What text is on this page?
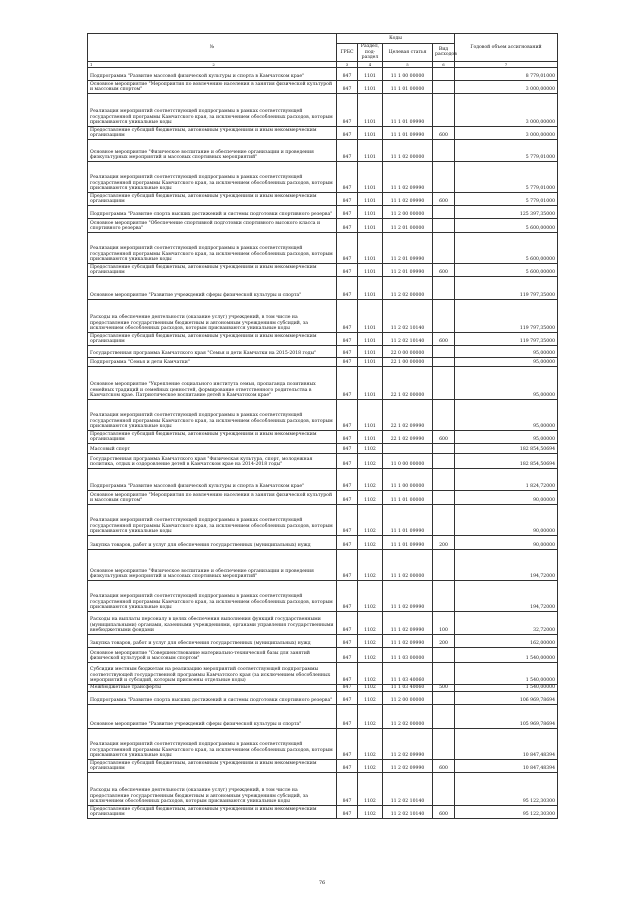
№	Коды				Годовой объем ассигнований
	ГРБС	Раздел, под-раздел	Целевая статья	Вид расходов	
1 2	3	4	5	6	7
Подпрограмма "Развитие массовой физической культуры и спорта в Камчатском крае"	847	1101	11 1 00 00000		8 779,01000
Основное мероприятие "Мероприятия по вовлечению населения в занятия физической культурой и массовым спортом"	847	1101	11 1 01 00000		3 000,00000
Реализация мероприятий соответствующей подпрограммы в рамках соответствующей государственной программы Камчатского края, за исключением обособленных расходов, которым присваиваются уникальные коды	847	1101	11 1 01 09990		3 000,00000
Предоставление субсидий бюджетным, автономным учреждениям и иным некоммерческим организациям	847	1101	11 1 01 09990	600	3 000,00000
Основное мероприятие "Физическое воспитание и обеспечение организации и проведения физкультурных мероприятий и массовых спортивных мероприятий"	847	1101	11 1 02 00000		5 779,01000
Реализация мероприятий соответствующей подпрограммы в рамках соответствующей государственной программы Камчатского края, за исключением обособленных расходов, которым присваиваются уникальные коды	847	1101	11 1 02 09990		5 779,01000
Предоставление субсидий бюджетным, автономным учреждениям и иным некоммерческим организациям	847	1101	11 1 02 09990	600	5 779,01000
Подпрограмма "Развитие спорта высших достижений и системы подготовки спортивного резерва"	847	1101	11 2 00 00000		125 397,35000
Основное мероприятие "Обеспечение спортивной подготовки спортивного высокого класса и спортивного резерва"	847	1101	11 2 01 00000		5 600,00000
Реализация мероприятий соответствующей подпрограммы в рамках соответствующей государственной программы Камчатского края, за исключением обособленных расходов, которым присваиваются уникальные коды	847	1101	11 2 01 09990		5 600,00000
Предоставление субсидий бюджетным, автономным учреждениям и иным некоммерческим организациям	847	1101	11 2 01 09990	600	5 600,00000
Основное мероприятие "Развитие учреждений сферы физической культуры и спорта"	847	1101	11 2 02 00000		119 797,35000
Расходы на обеспечение деятельности (оказание услуг) учреждений, в том числе на предоставление государственным бюджетным и автономным учреждениям субсидий, за исключением обособленных расходов, которым присваиваются уникальные коды	847	1101	11 2 02 10140		119 797,35000
Предоставление субсидий бюджетным, автономным учреждениям и иным некоммерческим организациям	847	1101	11 2 02 10140	600	119 797,35000
Государственная программа Камчатского края "Семья и дети Камчатки на 2015-2018 годы"	847	1101	22 0 00 00000		95,00000
Подпрограмма "Семья и дети Камчатки"	847	1101	22 1 00 00000		95,00000
Основное мероприятие "Укрепление социального института семьи, пропаганда позитивных семейных традиций и семейных ценностей, формирование ответственного родительства в Камчатском крае. Патриотическое воспитание детей в Камчатском крае"	847	1101	22 1 02 00000		95,00000
Реализация мероприятий соответствующей подпрограммы в рамках соответствующей государственной программы Камчатского края, за исключением обособленных расходов, которым присваиваются уникальные коды	847	1101	22 1 02 09990		95,00000
Предоставление субсидий бюджетным, автономным учреждениям и иным некоммерческим организациям	847	1101	22 1 02 09990	600	95,00000
Массовый спорт	847	1102			182 854,50694
Государственная программа Камчатского края "Физическая культура, спорт, молодежная политика, отдых и оздоровление детей в Камчатском крае на 2014-2018 годы"	847	1102	11 0 00 00000		182 854,50694
Подпрограмма "Развитие массовой физической культуры и спорта в Камчатском крае"	847	1102	11 1 00 00000		1 824,72000
Основное мероприятие "Мероприятия по вовлечению населения в занятия физической культурой и массовым спортом"	847	1102	11 1 01 00000		90,00000
Реализация мероприятий соответствующей подпрограммы в рамках соответствующей государственной программы Камчатского края, за исключением обособленных расходов, которым присваиваются уникальные коды	847	1102	11 1 01 09990		90,00000
Закупка товаров, работ и услуг для обеспечения государственных (муниципальных) нужд	847	1102	11 1 01 09990	200	90,00000
Основное мероприятие "Физическое воспитание и обеспечение организации и проведения физкультурных мероприятий и массовых спортивных мероприятий"	847	1102	11 1 02 00000		194,72000
Реализация мероприятий соответствующей подпрограммы в рамках соответствующей государственной программы Камчатского края, за исключением обособленных расходов, которым присваиваются уникальные коды	847	1102	11 1 02 09990		194,72000
Расходы на выплаты персоналу в целях обеспечения выполнения функций государственными (муниципальными) органами, казенными учреждениями, органами управления государственными внебюджетными фондами	847	1102	11 1 02 09990	100	32,72000
Закупка товаров, работ и услуг для обеспечения государственных (муниципальных) нужд	847	1102	11 1 02 09990	200	162,00000
Основное мероприятие "Совершенствование материально-технической базы для занятий физической культурой и массовым спортом"	847	1102	11 1 03 00000		1 540,00000
Субсидии местным бюджетам на реализацию мероприятий соответствующей подпрограммы соответствующей государственной программы Камчатского края (за исключением обособленных мероприятий и субсидий, которым присвоены отдельные коды)	847	1102	11 1 03 40060		1 540,00000
Межбюджетные трансферты	847	1102	11 1 03 40060	500	1 540,00000
Подпрограмма "Развитие спорта высших достижений и системы подготовки спортивного резерва"	847	1102	11 2 00 00000		106 969,78694
Основное мероприятие "Развитие учреждений сферы физической культуры и спорта"	847	1102	11 2 02 00000		105 969,78694
Реализация мероприятий соответствующей подпрограммы в рамках соответствующей государственной программы Камчатского края, за исключением обособленных расходов, которым присваиваются уникальные коды	847	1102	11 2 02 09990		10 847,48394
Предоставление субсидий бюджетным, автономным учреждениям и иным некоммерческим организациям	847	1102	11 2 02 09990	600	10 847,48394
Расходы на обеспечение деятельности (оказание услуг) учреждений, в том числе на предоставление государственным бюджетным и автономным учреждениям субсидий, за исключением обособленных расходов, которым присваиваются уникальные коды	847	1102	11 2 02 10140		95 122,30300
Предоставление субсидий бюджетным, автономным учреждениям и иным некоммерческим организациям	847	1102	11 2 02 10140	600	95 122,30300
76
